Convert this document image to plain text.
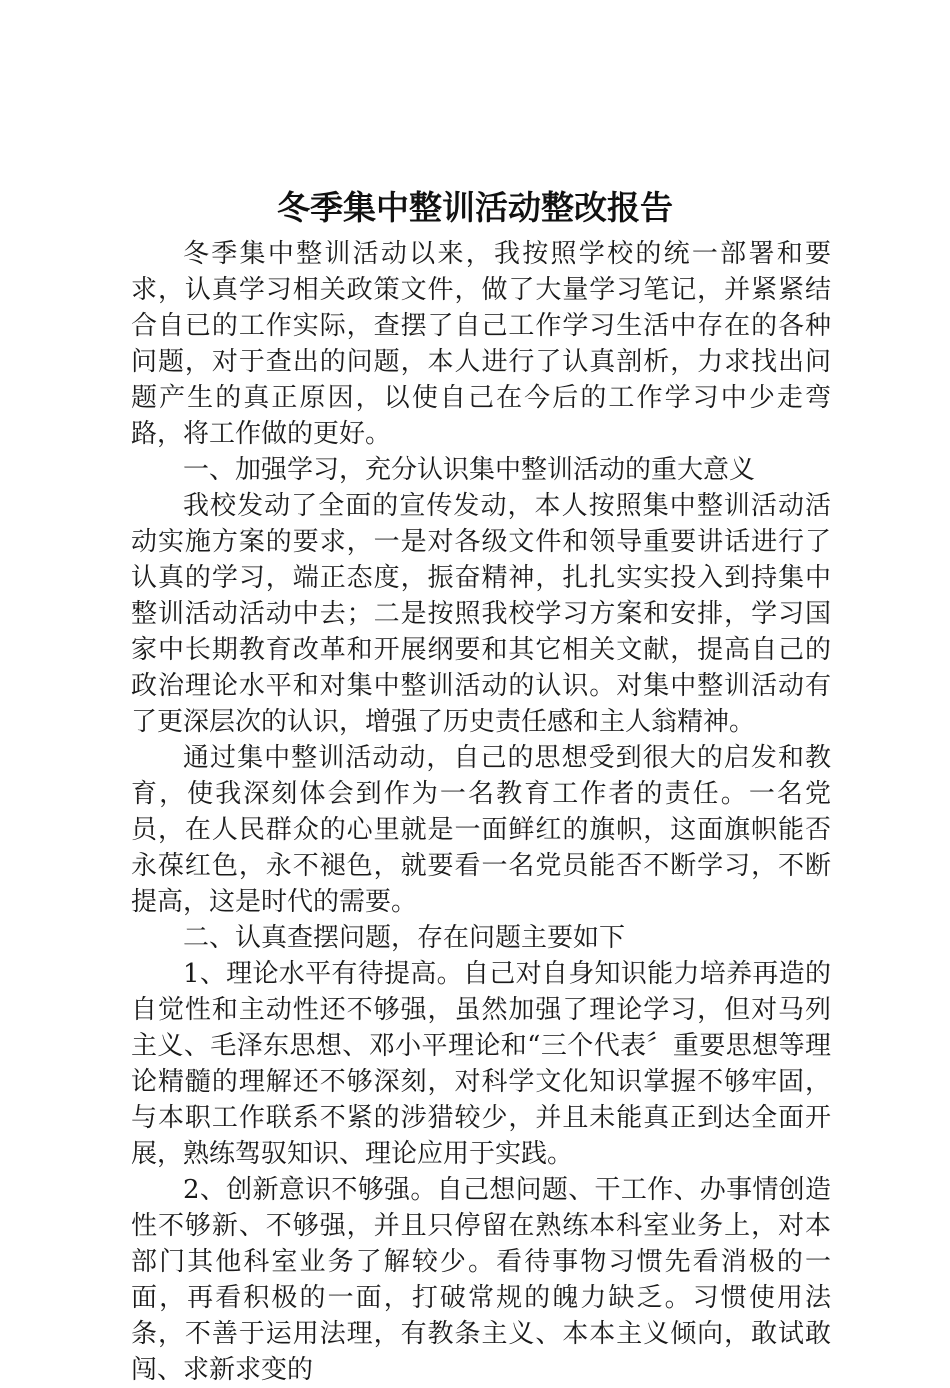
冬季集中整训活动整改报告

冬季集中整训活动以来，我按照学校的统一部署和要求，认真学习相关政策文件，做了大量学习笔记，并紧紧结合自已的工作实际，查摆了自己工作学习生活中存在的各种问题，对于查出的问题，本人进行了认真剖析，力求找出问题产生的真正原因，以使自己在今后的工作学习中少走弯路，将工作做的更好。

一、加强学习，充分认识集中整训活动的重大意义

我校发动了全面的宣传发动，本人按照集中整训活动活动实施方案的要求，一是对各级文件和领导重要讲话进行了认真的学习，端正态度，振奋精神，扎扎实实投入到持集中整训活动活动中去；二是按照我校学习方案和安排，学习国家中长期教育改革和开展纲要和其它相关文献，提高自己的政治理论水平和对集中整训活动的认识。对集中整训活动有了更深层次的认识，增强了历史责任感和主人翁精神。

通过集中整训活动动，自己的思想受到很大的启发和教育，使我深刻体会到作为一名教育工作者的责任。一名党员，在人民群众的心里就是一面鲜红的旗帜，这面旗帜能否永葆红色，永不褪色，就要看一名党员能否不断学习，不断提高，这是时代的需要。

二、认真查摆问题，存在问题主要如下

1、理论水平有待提高。自己对自身知识能力培养再造的自觉性和主动性还不够强，虽然加强了理论学习，但对马列主义、毛泽东思想、邓小平理论和“三个代表〞重要思想等理论精髓的理解还不够深刻，对科学文化知识掌握不够牢固，与本职工作联系不紧的涉猎较少，并且未能真正到达全面开展，熟练驾驭知识、理论应用于实践。

2、创新意识不够强。自己想问题、干工作、办事情创造性不够新、不够强，并且只停留在熟练本科室业务上，对本部门其他科室业务了解较少。看待事物习惯先看消极的一面，再看积极的一面，打破常规的魄力缺乏。习惯使用法条，不善于运用法理，有教条主义、本本主义倾向，敢试敢闯、求新求变的
